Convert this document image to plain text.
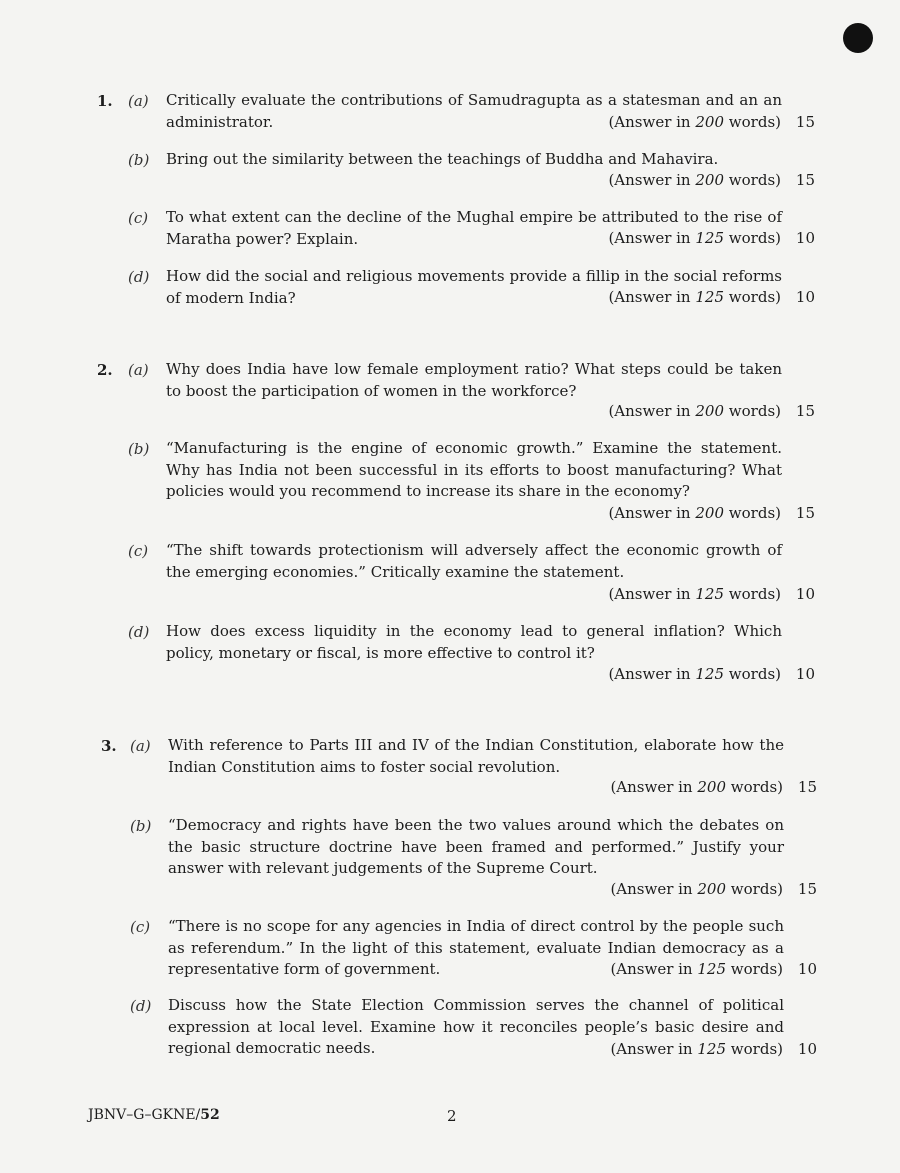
1. (a) Critically evaluate the contributions of Samudragupta as a statesman and an an administrator.	(Answer in 200 words) 15
(b) Bring out the similarity between the teachings of Buddha and Mahavira.
(Answer in 200 words) 15
(c) To what extent can the decline of the Mughal empire be attributed to the rise of Maratha power? Explain.	(Answer in 125 words) 10
(d) How did the social and religious movements provide a fillip in the social reforms of modern India?	(Answer in 125 words) 10
2. (a) Why does India have low female employment ratio? What steps could be taken to boost the participation of women in the workforce?
(Answer in 200 words) 15
(b) “Manufacturing is the engine of economic growth.” Examine the statement. Why has India not been successful in its efforts to boost manufacturing? What policies would you recommend to increase its share in the economy?
(Answer in 200 words) 15
(c) “The shift towards protectionism will adversely affect the economic growth of the emerging economies.” Critically examine the statement.
(Answer in 125 words) 10
(d) How does excess liquidity in the economy lead to general inflation? Which policy, monetary or fiscal, is more effective to control it?
(Answer in 125 words) 10
3. (a) With reference to Parts III and IV of the Indian Constitution, elaborate how the Indian Constitution aims to foster social revolution.
(Answer in 200 words) 15
(b) “Democracy and rights have been the two values around which the debates on the basic structure doctrine have been framed and performed.” Justify your answer with relevant judgements of the Supreme Court.
(Answer in 200 words) 15
(c) “There is no scope for any agencies in India of direct control by the people such as referendum.” In the light of this statement, evaluate Indian democracy as a representative form of government.	(Answer in 125 words) 10
(d) Discuss how the State Election Commission serves the channel of political expression at local level. Examine how it reconciles people’s basic desire and regional democratic needs.	(Answer in 125 words) 10
JBNV–G–GKNE/52	2
